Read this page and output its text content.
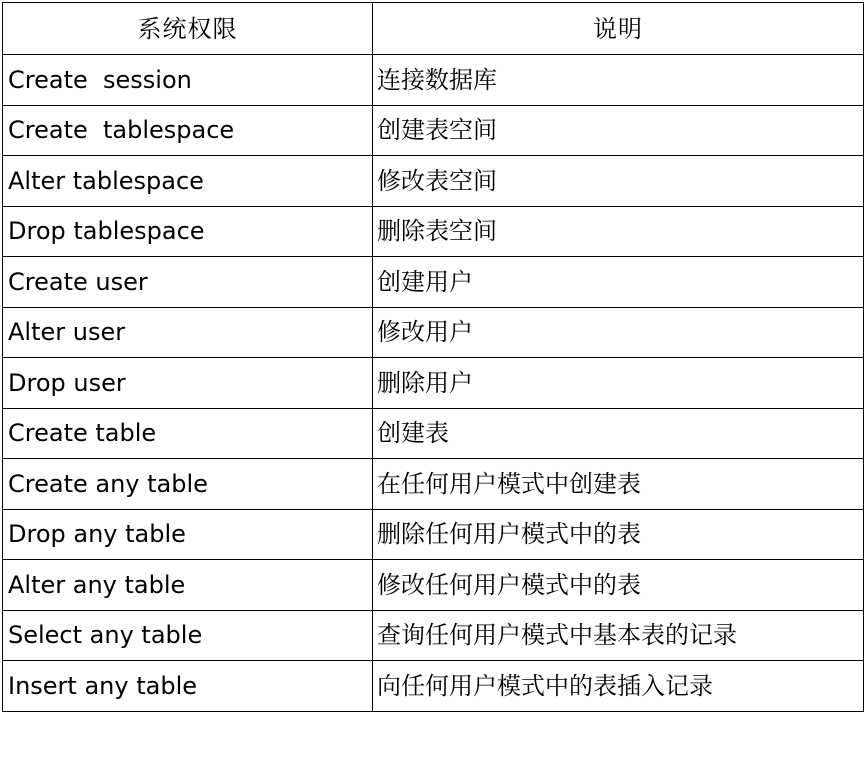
系统权限	说明
Create  session	连接数据库
Create  tablespace	创建表空间
Alter tablespace	修改表空间
Drop tablespace	删除表空间
Create user	创建用户
Alter user	修改用户
Drop user	删除用户
Create table	创建表
Create any table	在任何用户模式中创建表
Drop any table	删除任何用户模式中的表
Alter any table	修改任何用户模式中的表
Select any table	查询任何用户模式中基本表的记录
Insert any table	向任何用户模式中的表插入记录
